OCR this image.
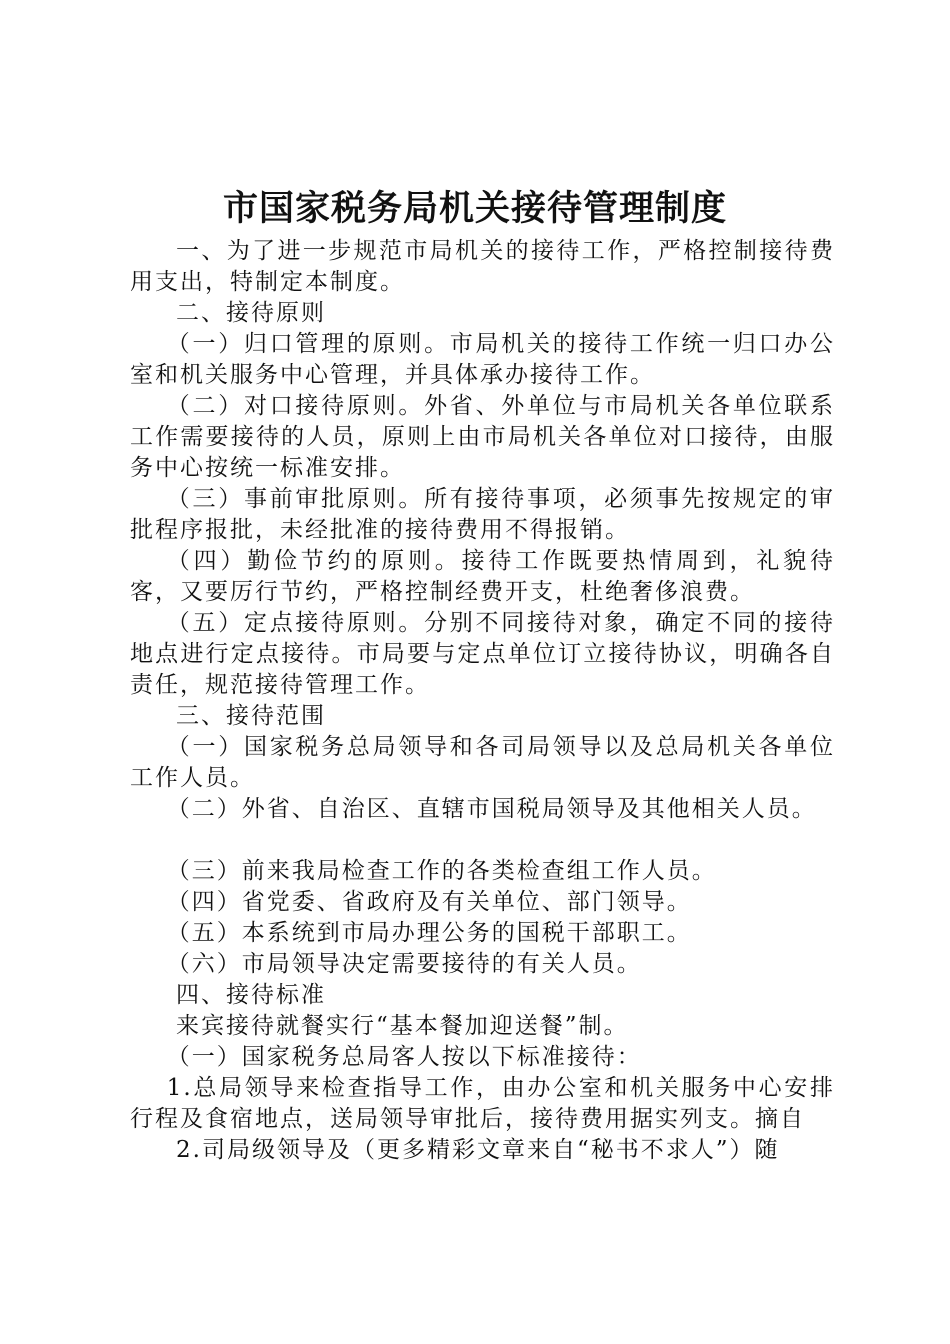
市国家税务局机关接待管理制度

一、为了进一步规范市局机关的接待工作，严格控制接待费用支出，特制定本制度。

二、接待原则

（一）归口管理的原则。市局机关的接待工作统一归口办公室和机关服务中心管理，并具体承办接待工作。

（二）对口接待原则。外省、外单位与市局机关各单位联系工作需要接待的人员，原则上由市局机关各单位对口接待，由服务中心按统一标准安排。

（三）事前审批原则。所有接待事项，必须事先按规定的审批程序报批，未经批准的接待费用不得报销。

（四）勤俭节约的原则。接待工作既要热情周到，礼貌待客，又要厉行节约，严格控制经费开支，杜绝奢侈浪费。

（五）定点接待原则。分别不同接待对象，确定不同的接待地点进行定点接待。市局要与定点单位订立接待协议，明确各自责任，规范接待管理工作。

三、接待范围

（一）国家税务总局领导和各司局领导以及总局机关各单位工作人员。

（二）外省、自治区、直辖市国税局领导及其他相关人员。

（三）前来我局检查工作的各类检查组工作人员。

（四）省党委、省政府及有关单位、部门领导。

（五）本系统到市局办理公务的国税干部职工。

（六）市局领导决定需要接待的有关人员。

四、接待标准

来宾接待就餐实行“基本餐加迎送餐”制。

（一）国家税务总局客人按以下标准接待：

1.总局领导来检查指导工作，由办公室和机关服务中心安排行程及食宿地点，送局领导审批后，接待费用据实列支。摘自

2.司局级领导及（更多精彩文章来自“秘书不求人”）随
